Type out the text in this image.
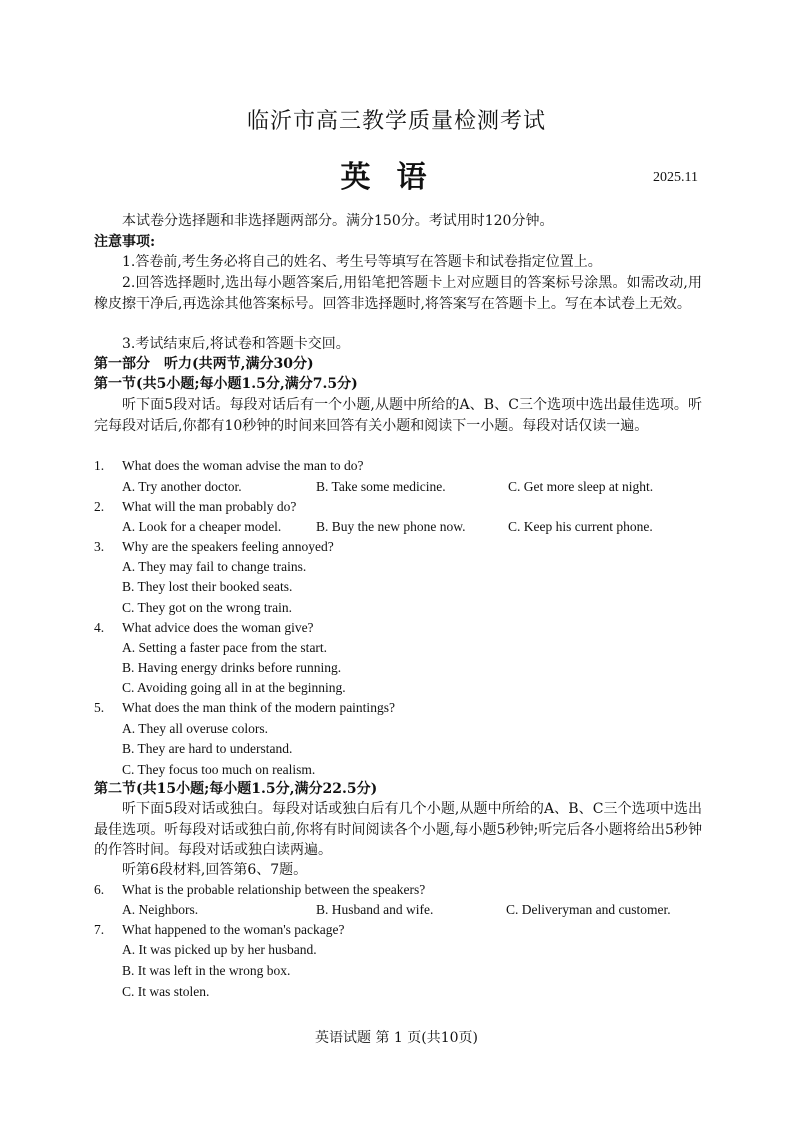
临沂市高三教学质量检测考试
英语	2025.11
本试卷分选择题和非选择题两部分。满分150分。考试用时120分钟。
注意事项:
1.答卷前,考生务必将自己的姓名、考生号等填写在答题卡和试卷指定位置上。
2.回答选择题时,选出每小题答案后,用铅笔把答题卡上对应题目的答案标号涂黑。如需改动,用橡皮擦干净后,再选涂其他答案标号。回答非选择题时,将答案写在答题卡上。写在本试卷上无效。
3.考试结束后,将试卷和答题卡交回。
第一部分　听力(共两节,满分30分)
第一节(共5小题;每小题1.5分,满分7.5分)
听下面5段对话。每段对话后有一个小题,从题中所给的A、B、C三个选项中选出最佳选项。听完每段对话后,你都有10秒钟的时间来回答有关小题和阅读下一小题。每段对话仅读一遍。
1. What does the woman advise the man to do?
A. Try another doctor.	B. Take some medicine.	C. Get more sleep at night.
2. What will the man probably do?
A. Look for a cheaper model.	B. Buy the new phone now.	C. Keep his current phone.
3. Why are the speakers feeling annoyed?
A. They may fail to change trains.
B. They lost their booked seats.
C. They got on the wrong train.
4. What advice does the woman give?
A. Setting a faster pace from the start.
B. Having energy drinks before running.
C. Avoiding going all in at the beginning.
5. What does the man think of the modern paintings?
A. They all overuse colors.
B. They are hard to understand.
C. They focus too much on realism.
第二节(共15小题;每小题1.5分,满分22.5分)
听下面5段对话或独白。每段对话或独白后有几个小题,从题中所给的A、B、C三个选项中选出最佳选项。听每段对话或独白前,你将有时间阅读各个小题,每小题5秒钟;听完后各小题将给出5秒钟的作答时间。每段对话或独白读两遍。
听第6段材料,回答第6、7题。
6. What is the probable relationship between the speakers?
A. Neighbors.	B. Husband and wife.	C. Deliveryman and customer.
7. What happened to the woman's package?
A. It was picked up by her husband.
B. It was left in the wrong box.
C. It was stolen.
英语试题 第 1 页(共10页)
